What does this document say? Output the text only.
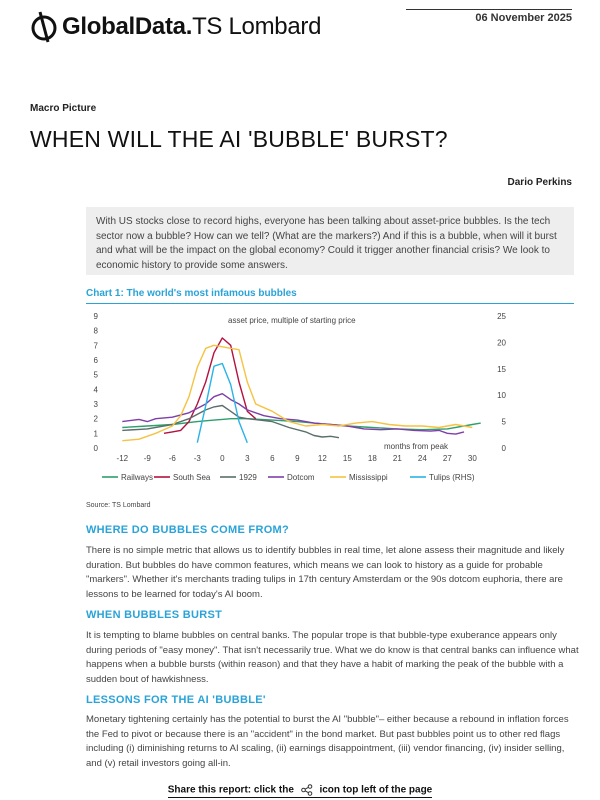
GlobalData.TS Lombard	06 November 2025
Macro Picture
WHEN WILL THE AI 'BUBBLE' BURST?
Dario Perkins
With US stocks close to record highs, everyone has been talking about asset-price bubbles. Is the tech sector now a bubble? How can we tell? (What are the markers?) And if this is a bubble, when will it burst and what will be the impact on the global economy? Could it trigger another financial crisis? We look to economic history to provide some answers.
Chart 1: The world's most infamous bubbles
asset price, multiple of starting price
months from peak
0
1
2
3
4
5
6
7
8
9
0
5
10
15
20
25
-12 -9 -6 -3 0	3	6	9 12 15 18 21 24 27 30
Railways South Sea	1929	Dotcom	Mississippi	Tulips (RHS)
Source: TS Lombard
WHERE DO BUBBLES COME FROM?
There is no simple metric that allows us to identify bubbles in real time, let alone assess their magnitude and likely duration. But bubbles do have common features, which means we can look to history as a guide for probable "markers". Whether it's merchants trading tulips in 17th century Amsterdam or the 90s dotcom euphoria, there are lessons to be learned for today's AI boom.
WHEN BUBBLES BURST
It is tempting to blame bubbles on central banks. The popular trope is that bubble-type exuberance appears only during periods of "easy money". That isn't necessarily true. What we do know is that central banks can influence what happens when a bubble bursts (within reason) and that they have a habit of marking the peak of the bubble with a sudden bout of hawkishness.
LESSONS FOR THE AI 'BUBBLE'
Monetary tightening certainly has the potential to burst the AI "bubble"– either because a rebound in inflation forces the Fed to pivot or because there is an "accident" in the bond market. But past bubbles point us to other red flags including (i) diminishing returns to AI scaling, (ii) earnings disappointment, (iii) vendor financing, (iv) insider selling, and (v) retail investors going all-in.
Share this report: click the	icon top left of the page
